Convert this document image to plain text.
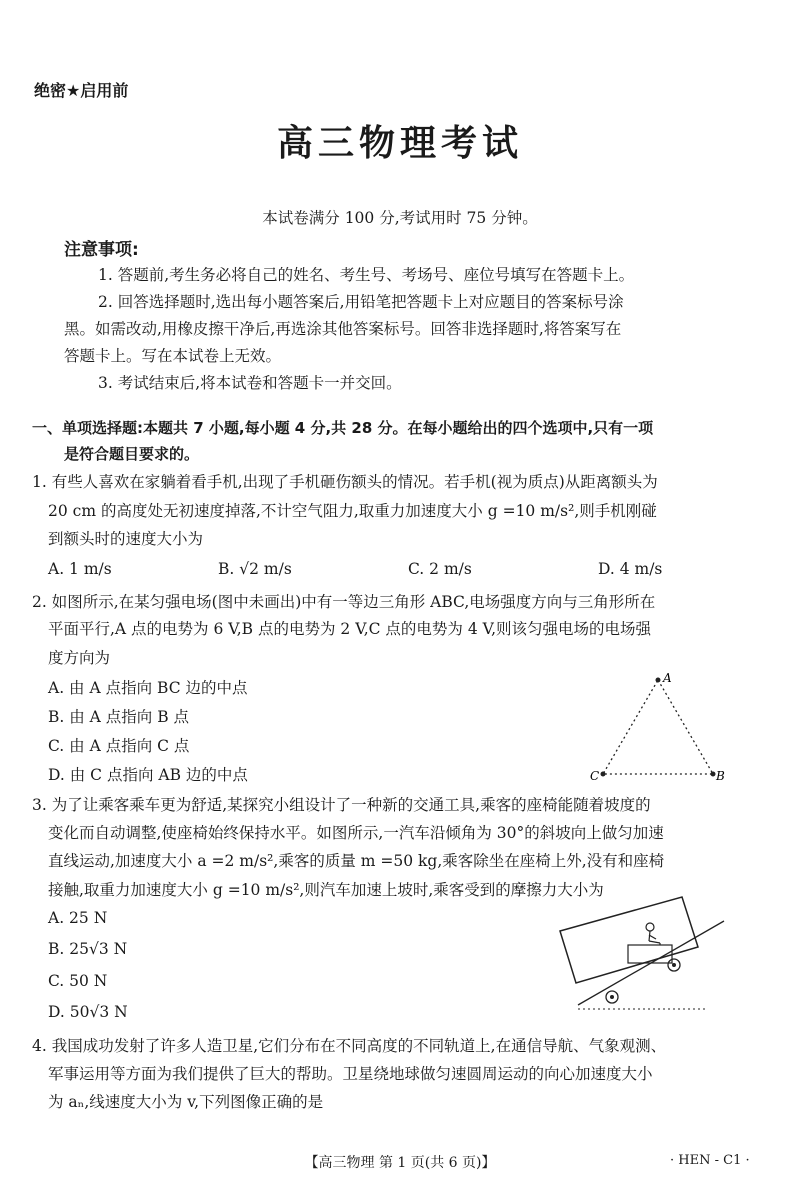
绝密★启用前
高三物理考试
本试卷满分 100 分,考试用时 75 分钟。
注意事项:
1. 答题前,考生务必将自己的姓名、考生号、考场号、座位号填写在答题卡上。
2. 回答选择题时,选出每小题答案后,用铅笔把答题卡上对应题目的答案标号涂
黑。如需改动,用橡皮擦干净后,再选涂其他答案标号。回答非选择题时,将答案写在
答题卡上。写在本试卷上无效。
3. 考试结束后,将本试卷和答题卡一并交回。
一、单项选择题:本题共 7 小题,每小题 4 分,共 28 分。在每小题给出的四个选项中,只有一项
是符合题目要求的。
1. 有些人喜欢在家躺着看手机,出现了手机砸伤额头的情况。若手机(视为质点)从距离额头为
20 cm 的高度处无初速度掉落,不计空气阻力,取重力加速度大小 g =10 m/s²,则手机刚碰
到额头时的速度大小为
A. 1 m/s	B. √2 m/s	C. 2 m/s	D. 4 m/s
2. 如图所示,在某匀强电场(图中未画出)中有一等边三角形 ABC,电场强度方向与三角形所在
平面平行,A 点的电势为 6 V,B 点的电势为 2 V,C 点的电势为 4 V,则该匀强电场的电场强
度方向为
A. 由 A 点指向 BC 边的中点
B. 由 A 点指向 B 点
C. 由 A 点指向 C 点
D. 由 C 点指向 AB 边的中点
A
B
C
3. 为了让乘客乘车更为舒适,某探究小组设计了一种新的交通工具,乘客的座椅能随着坡度的
变化而自动调整,使座椅始终保持水平。如图所示,一汽车沿倾角为 30°的斜坡向上做匀加速
直线运动,加速度大小 a =2 m/s²,乘客的质量 m =50 kg,乘客除坐在座椅上外,没有和座椅
接触,取重力加速度大小 g =10 m/s²,则汽车加速上坡时,乘客受到的摩擦力大小为
A. 25 N
B. 25√3 N
C. 50 N
D. 50√3 N
4. 我国成功发射了许多人造卫星,它们分布在不同高度的不同轨道上,在通信导航、气象观测、
军事运用等方面为我们提供了巨大的帮助。卫星绕地球做匀速圆周运动的向心加速度大小
为 aₙ,线速度大小为 v,下列图像正确的是
【高三物理 第 1 页(共 6 页)】	· HEN - C1 ·
